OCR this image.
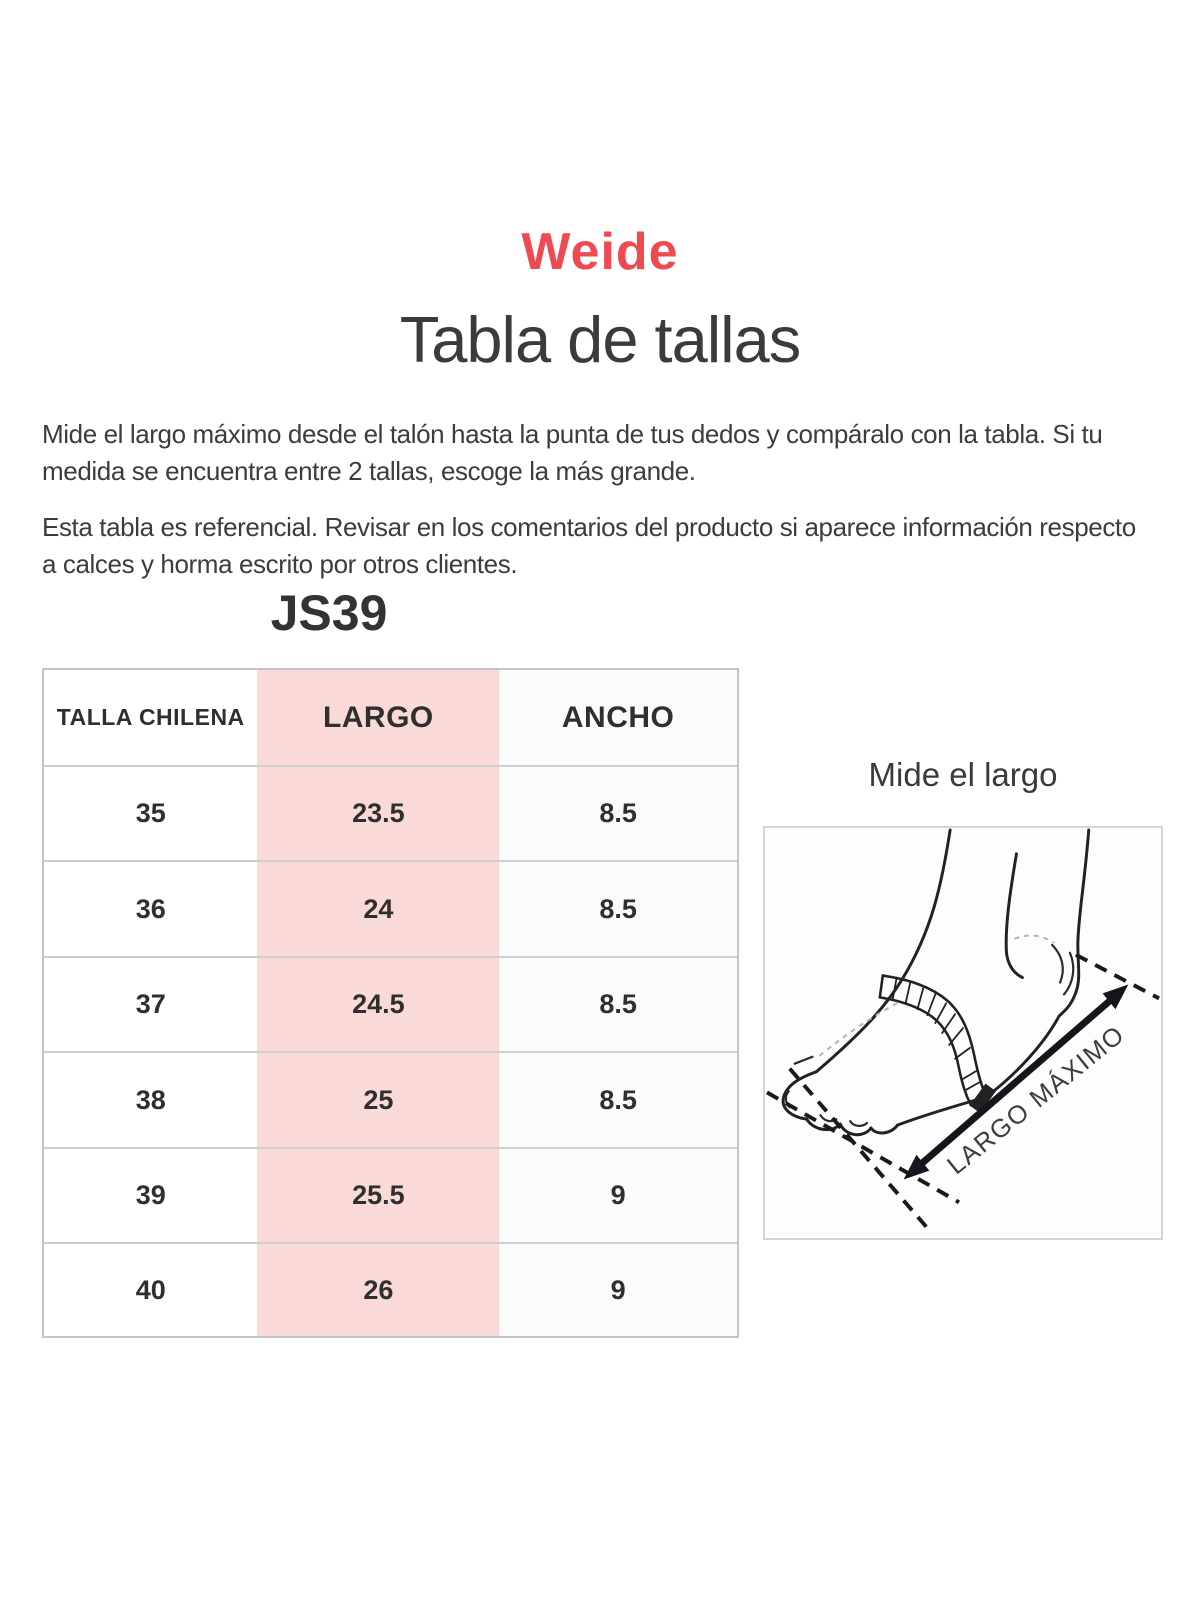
Weide
Tabla de tallas
Mide el largo máximo desde el talón hasta la punta de tus dedos y compáralo con la tabla. Si tu
medida se encuentra entre 2 tallas, escoge la más grande.
Esta tabla es referencial. Revisar en los comentarios del producto si aparece información respecto
a calces y horma escrito por otros clientes.
JS39
TALLA CHILENA	LARGO	ANCHO
35	23.5	8.5
36	24	8.5
37	24.5	8.5
38	25	8.5
39	25.5	9
40	26	9
Mide el largo
LARGO MÁXIMO
